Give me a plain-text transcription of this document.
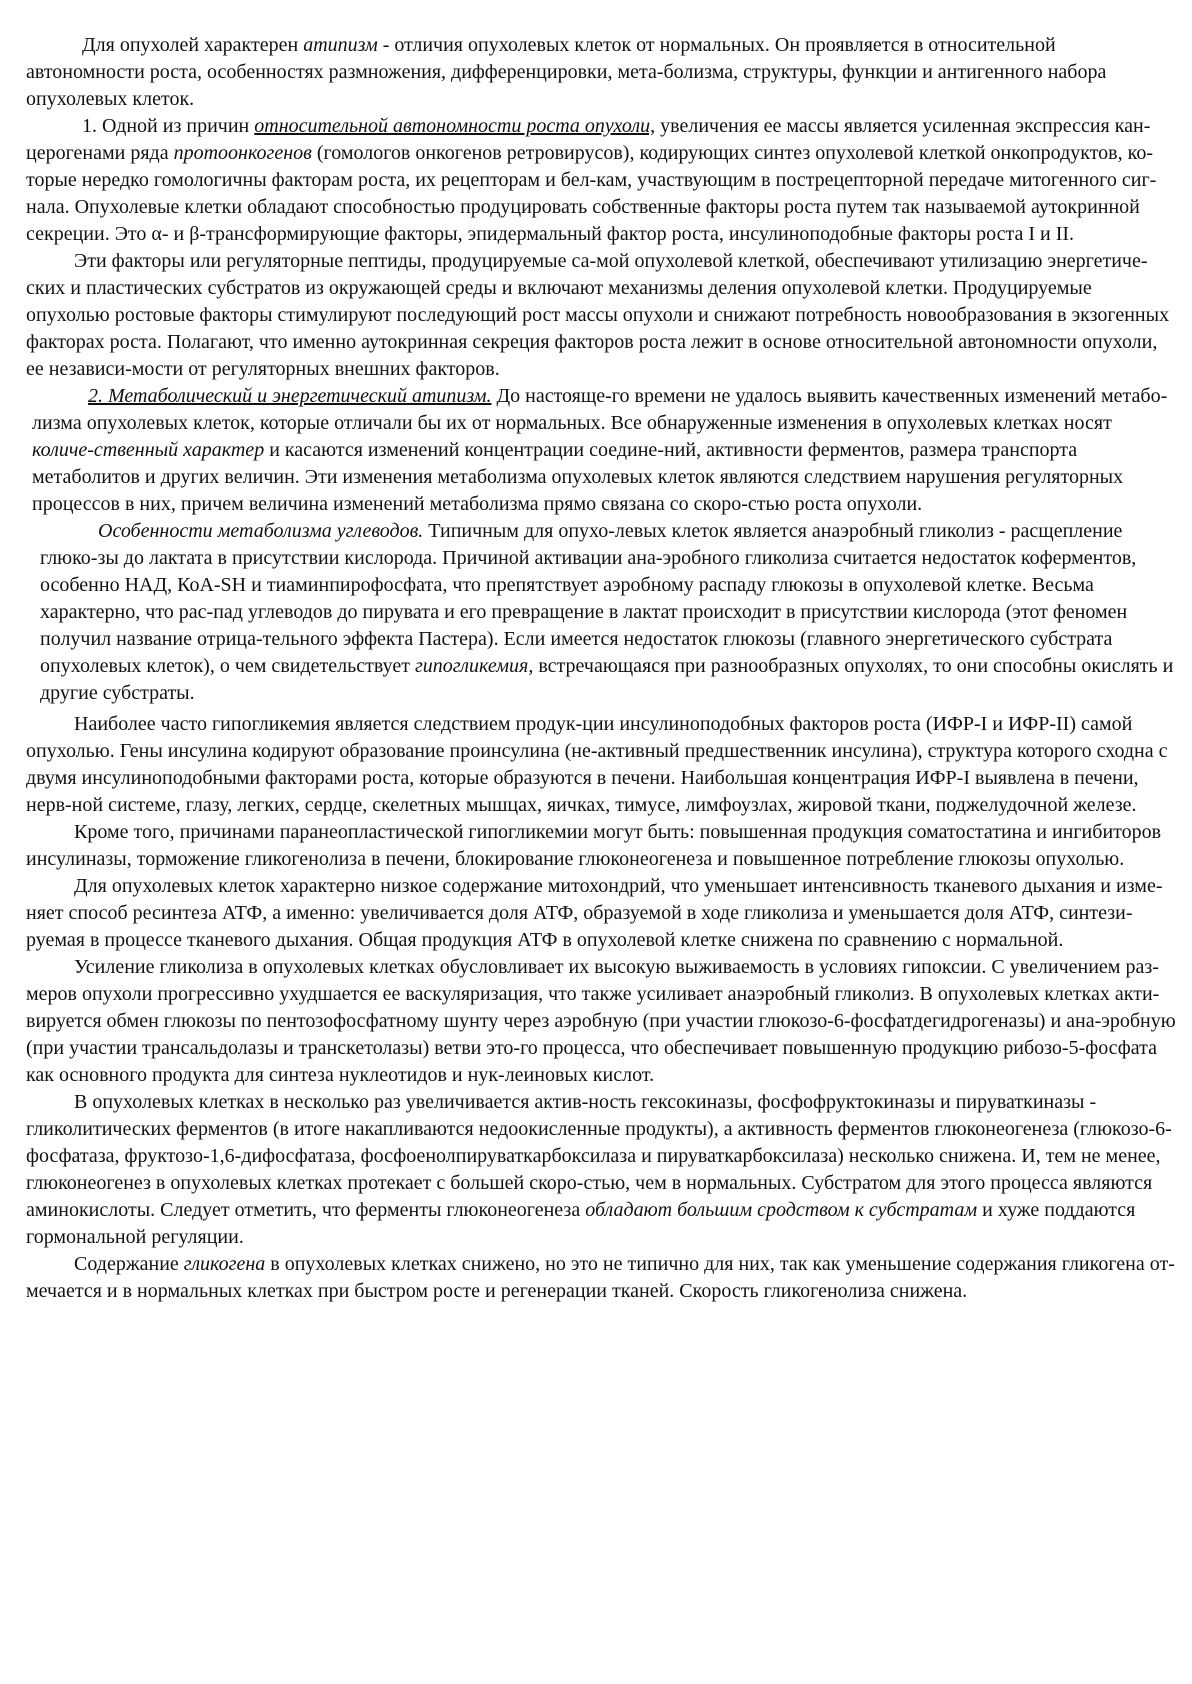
Для опухолей характерен атипизм - отличия опухолевых клеток от нормальных. Он проявляется в относительной автономности роста, особенностях размножения, дифференцировки, мета-болизма, структуры, функции и антигенного набора опухолевых клеток.

1. Одной из причин относительной автономности роста опухоли, увеличения ее массы является усиленная экспрессия кан-церогенами ряда протоонкогенов (гомологов онкогенов ретровирусов), кодирующих синтез опухолевой клеткой онкопродуктов, ко-торые нередко гомологичны факторам роста, их рецепторам и бел-кам, участвующим в пострецепторной передаче митогенного сиг-нала. Опухолевые клетки обладают способностью продуцировать собственные факторы роста путем так называемой аутокринной секреции. Это α- и β-трансформирующие факторы, эпидермальный фактор роста, инсулиноподобные факторы роста I и II.

Эти факторы или регуляторные пептиды, продуцируемые са-мой опухолевой клеткой, обеспечивают утилизацию энергетиче-ских и пластических субстратов из окружающей среды и включают механизмы деления опухолевой клетки. Продуцируемые опухолью ростовые факторы стимулируют последующий рост массы опухоли и снижают потребность новообразования в экзогенных факторах роста. Полагают, что именно аутокринная секреция факторов роста лежит в основе относительной автономности опухоли, ее независи-мости от регуляторных внешних факторов.

2. Метаболический и энергетический атипизм. До настояще-го времени не удалось выявить качественных изменений метабо-лизма опухолевых клеток, которые отличали бы их от нормальных. Все обнаруженные изменения в опухолевых клетках носят количе-ственный характер и касаются изменений концентрации соедине-ний, активности ферментов, размера транспорта метаболитов и других величин. Эти изменения метаболизма опухолевых клеток являются следствием нарушения регуляторных процессов в них, причем величина изменений метаболизма прямо связана со скоро-стью роста опухоли.

Особенности метаболизма углеводов. Типичным для опухо-левых клеток является анаэробный гликолиз - расщепление глюко-зы до лактата в присутствии кислорода. Причиной активации ана-эробного гликолиза считается недостаток коферментов, особенно НАД, КоА-SH и тиаминпирофосфата, что препятствует аэробному распаду глюкозы в опухолевой клетке. Весьма характерно, что рас-пад углеводов до пирувата и его превращение в лактат происходит в присутствии кислорода (этот феномен получил название отрица-тельного эффекта Пастера). Если имеется недостаток глюкозы (главного энергетического субстрата опухолевых клеток), о чем свидетельствует гипогликемия, встречающаяся при разнообразных опухолях, то они способны окислять и другие субстраты.

Наиболее часто гипогликемия является следствием продук-ции инсулиноподобных факторов роста (ИФР-I и ИФР-II) самой опухолью. Гены инсулина кодируют образование проинсулина (не-активный предшественник инсулина), структура которого сходна с двумя инсулиноподобными факторами роста, которые образуются в печени. Наибольшая концентрация ИФР-I выявлена в печени, нерв-ной системе, глазу, легких, сердце, скелетных мышцах, яичках, тимусе, лимфоузлах, жировой ткани, поджелудочной железе.

Кроме того, причинами паранеопластической гипогликемии могут быть: повышенная продукция соматостатина и ингибиторов инсулиназы, торможение гликогенолиза в печени, блокирование глюконеогенеза и повышенное потребление глюкозы опухолью.

Для опухолевых клеток характерно низкое содержание митохондрий, что уменьшает интенсивность тканевого дыхания и изме-няет способ ресинтеза АТФ, а именно: увеличивается доля АТФ, образуемой в ходе гликолиза и уменьшается доля АТФ, синтези-руемая в процессе тканевого дыхания. Общая продукция АТФ в опухолевой клетке снижена по сравнению с нормальной.

Усиление гликолиза в опухолевых клетках обусловливает их высокую выживаемость в условиях гипоксии. С увеличением раз-меров опухоли прогрессивно ухудшается ее васкуляризация, что также усиливает анаэробный гликолиз. В опухолевых клетках акти-вируется обмен глюкозы по пентозофосфатному шунту через аэробную (при участии глюкозо-6-фосфатдегидрогеназы) и ана-эробную (при участии трансальдолазы и транскетолазы) ветви это-го процесса, что обеспечивает повышенную продукцию рибозо-5-фосфата как основного продукта для синтеза нуклеотидов и нук-леиновых кислот.

В опухолевых клетках в несколько раз увеличивается актив-ность гексокиназы, фосфофруктокиназы и пируваткиназы - гликолитических ферментов (в итоге накапливаются недоокисленные продукты), а активность ферментов глюконеогенеза (глюкозо-6-фосфатаза, фруктозо-1,6-дифосфатаза, фосфоенолпируваткарбоксилаза и пируваткарбоксилаза) несколько снижена. И, тем не менее, глюконеогенез в опухолевых клетках протекает с большей скоро-стью, чем в нормальных. Субстратом для этого процесса являются аминокислоты. Следует отметить, что ферменты глюконеогенеза обладают большим сродством к субстратам и хуже поддаются гормональной регуляции.

Содержание гликогена в опухолевых клетках снижено, но это не типично для них, так как уменьшение содержания гликогена от-мечается и в нормальных клетках при быстром росте и регенерации тканей. Скорость гликогенолиза снижена.
